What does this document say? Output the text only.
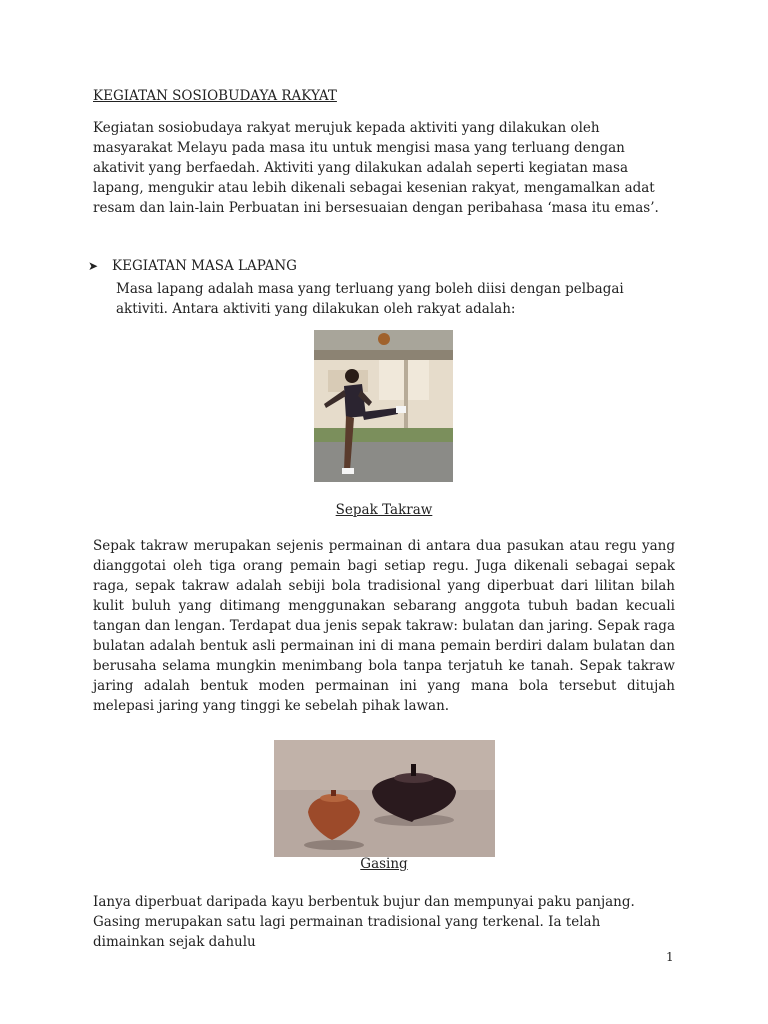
KEGIATAN SOSIOBUDAYA RAKYAT
Kegiatan sosiobudaya rakyat merujuk kepada aktiviti yang dilakukan oleh masyarakat Melayu pada masa itu untuk mengisi masa yang terluang dengan akativit yang berfaedah. Aktiviti yang dilakukan adalah seperti kegiatan masa lapang, mengukir atau lebih dikenali sebagai kesenian rakyat, mengamalkan adat resam dan lain-lain Perbuatan ini bersesuaian dengan peribahasa ‘masa itu emas’.
➤	KEGIATAN MASA LAPANG
Masa lapang adalah masa yang terluang yang boleh diisi dengan pelbagai aktiviti. Antara aktiviti yang dilakukan oleh rakyat adalah:
Sepak Takraw
Sepak takraw merupakan sejenis permainan di antara dua pasukan atau regu yang dianggotai oleh tiga orang pemain bagi setiap regu. Juga dikenali sebagai sepak raga, sepak takraw adalah sebiji bola tradisional yang diperbuat dari lilitan bilah kulit buluh yang ditimang menggunakan sebarang anggota tubuh badan kecuali tangan dan lengan. Terdapat dua jenis sepak takraw: bulatan dan jaring. Sepak raga bulatan adalah bentuk asli permainan ini di mana pemain berdiri dalam bulatan dan berusaha selama mungkin menimbang bola tanpa terjatuh ke tanah. Sepak takraw jaring adalah bentuk moden permainan ini yang mana bola tersebut ditujah melepasi jaring yang tinggi ke sebelah pihak lawan.
Gasing
Ianya diperbuat daripada kayu berbentuk bujur dan mempunyai paku panjang. Gasing merupakan satu lagi permainan tradisional yang terkenal. Ia telah dimainkan sejak dahulu
1
